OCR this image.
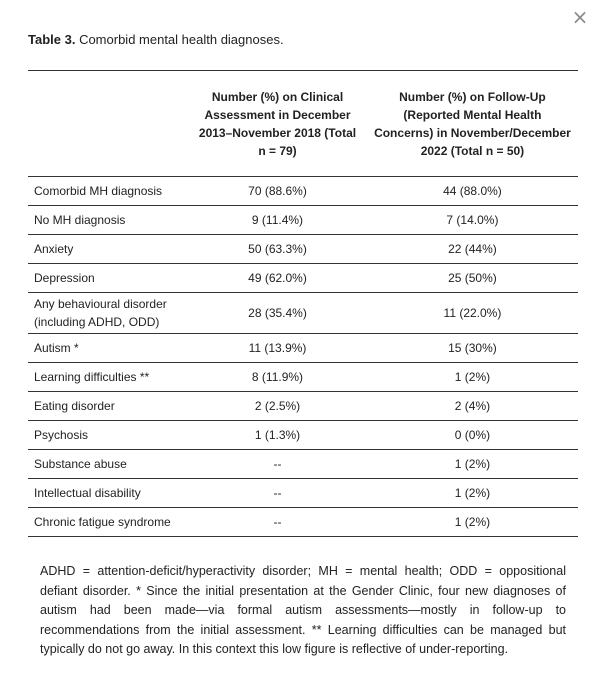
×
Table 3. Comorbid mental health diagnoses.
	Number (%) on Clinical Assessment in December 2013–November 2018 (Total n = 79)	Number (%) on Follow-Up (Reported Mental Health Concerns) in November/December 2022 (Total n = 50)
Comorbid MH diagnosis	70 (88.6%)	44 (88.0%)
No MH diagnosis	9 (11.4%)	7 (14.0%)
Anxiety	50 (63.3%)	22 (44%)
Depression	49 (62.0%)	25 (50%)
Any behavioural disorder (including ADHD, ODD)	28 (35.4%)	11 (22.0%)
Autism *	11 (13.9%)	15 (30%)
Learning difficulties **	8 (11.9%)	1 (2%)
Eating disorder	2 (2.5%)	2 (4%)
Psychosis	1 (1.3%)	0 (0%)
Substance abuse	--	1 (2%)
Intellectual disability	--	1 (2%)
Chronic fatigue syndrome	--	1 (2%)
ADHD = attention-deficit/hyperactivity disorder; MH = mental health; ODD = oppositional defiant disorder. * Since the initial presentation at the Gender Clinic, four new diagnoses of autism had been made—via formal autism assessments—mostly in follow-up to recommendations from the initial assessment. ** Learning difficulties can be managed but typically do not go away. In this context this low figure is reflective of under-reporting.
